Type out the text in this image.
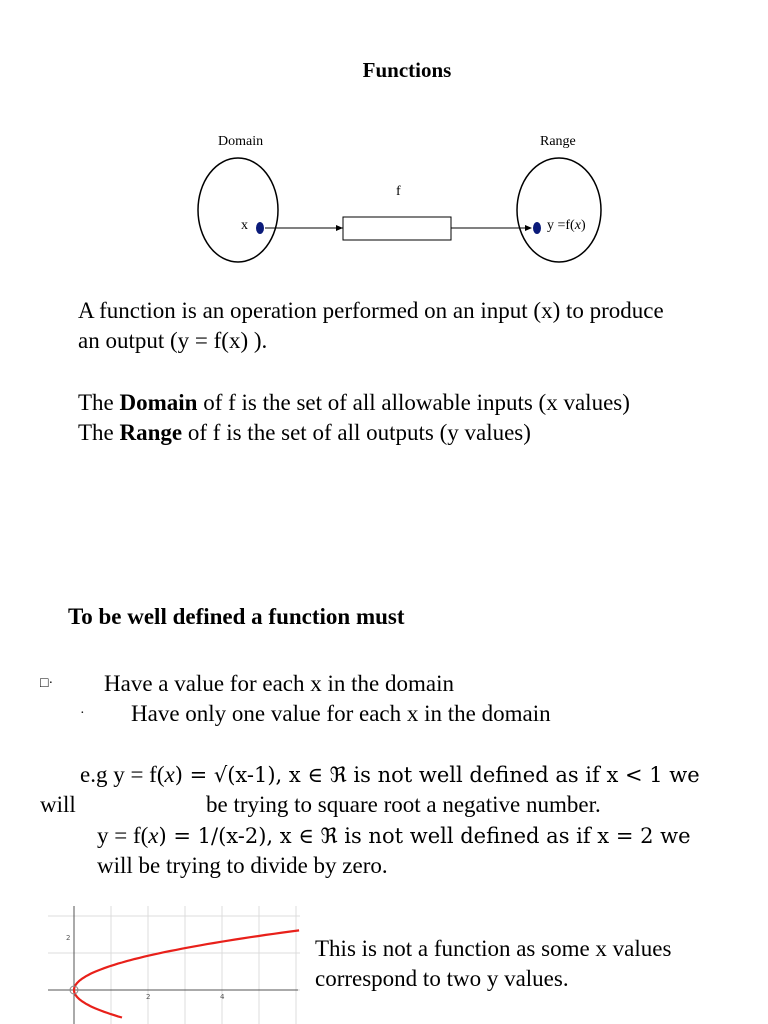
Functions
Domain	Range
f
x	y =f(x)
A function is an operation performed on an input (x) to produce
an output (y = f(x) ).
The Domain of f is the set of all allowable inputs (x values)
The Range of f is the set of all outputs (y values)
To be well defined a function must
□· Have a value for each x in the domain
· Have only one value for each x in the domain
e.g y = f(x) = √(x-1), x ∈ ℜ is not well defined as if x < 1 we
will	be trying to square root a negative number.
y = f(x) = 1/(x-2), x ∈ ℜ is not well defined as if x = 2 we
will be trying to divide by zero.
2
2	4
This is not a function as some x values
correspond to two y values.
